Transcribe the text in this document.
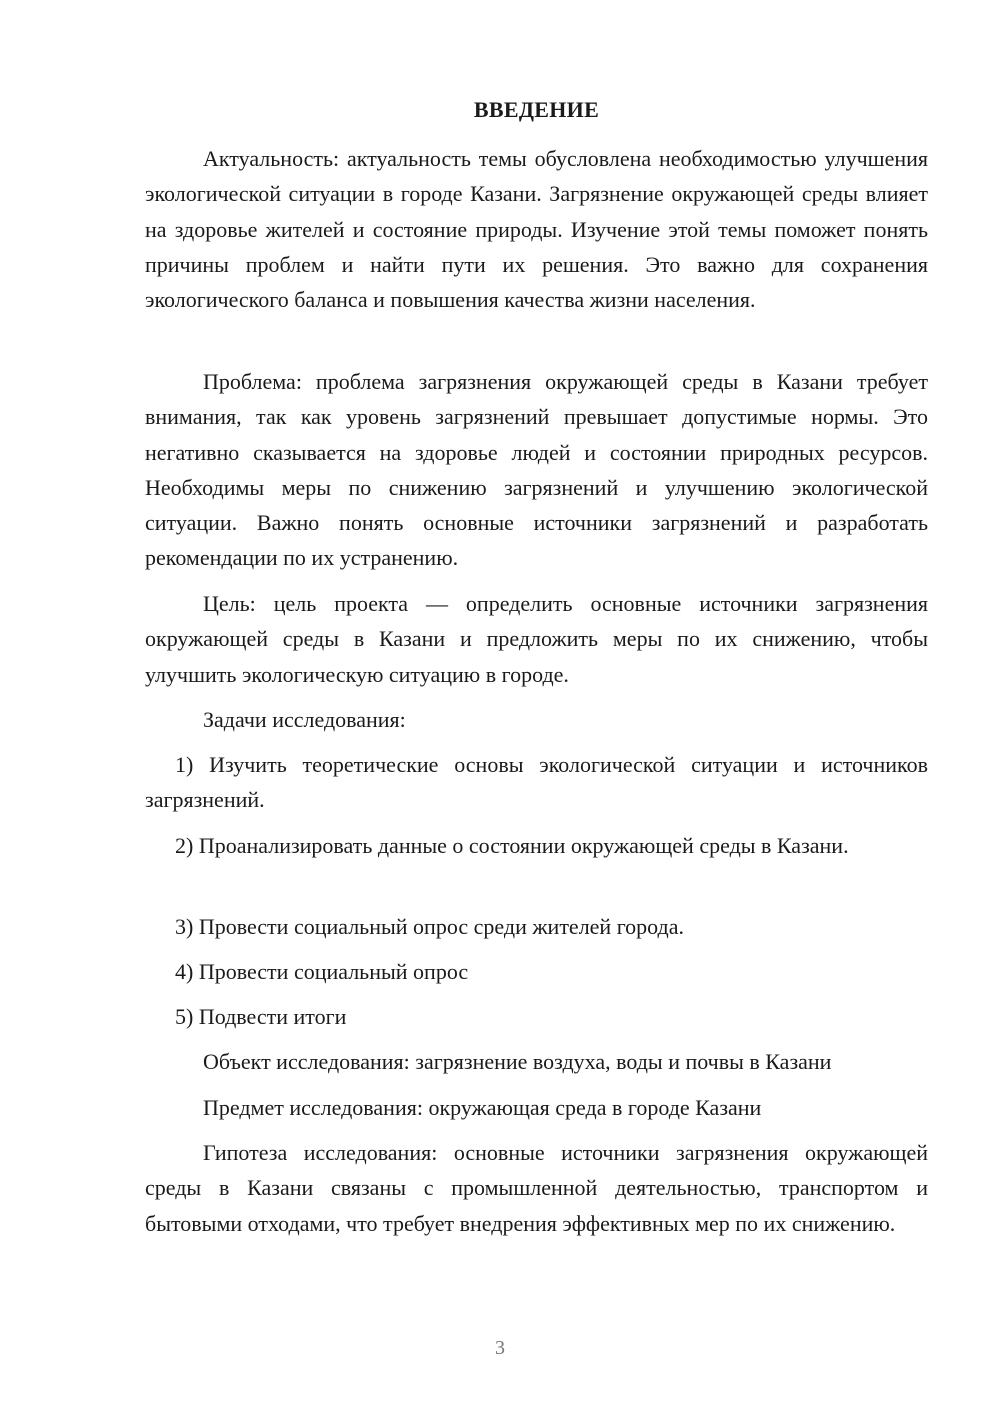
ВВЕДЕНИЕ

Актуальность: актуальность темы обусловлена необходимостью улучшения экологической ситуации в городе Казани. Загрязнение окружающей среды влияет на здоровье жителей и состояние природы. Изучение этой темы поможет понять причины проблем и найти пути их решения. Это важно для сохранения экологического баланса и повышения качества жизни населения.

Проблема: проблема загрязнения окружающей среды в Казани требует внимания, так как уровень загрязнений превышает допустимые нормы. Это негативно сказывается на здоровье людей и состоянии природных ресурсов. Необходимы меры по снижению загрязнений и улучшению экологической ситуации. Важно понять основные источники загрязнений и разработать рекомендации по их устранению.

Цель: цель проекта — определить основные источники загрязнения окружающей среды в Казани и предложить меры по их снижению, чтобы улучшить экологическую ситуацию в городе.

Задачи исследования:

1) Изучить теоретические основы экологической ситуации и источников загрязнений.

2) Проанализировать данные о состоянии окружающей среды в Казани.

3) Провести социальный опрос среди жителей города.

4) Провести социальный опрос

5) Подвести итоги

Объект исследования: загрязнение воздуха, воды и почвы в Казани

Предмет исследования: окружающая среда в городе Казани

Гипотеза исследования: основные источники загрязнения окружающей среды в Казани связаны с промышленной деятельностью, транспортом и бытовыми отходами, что требует внедрения эффективных мер по их снижению.

3
